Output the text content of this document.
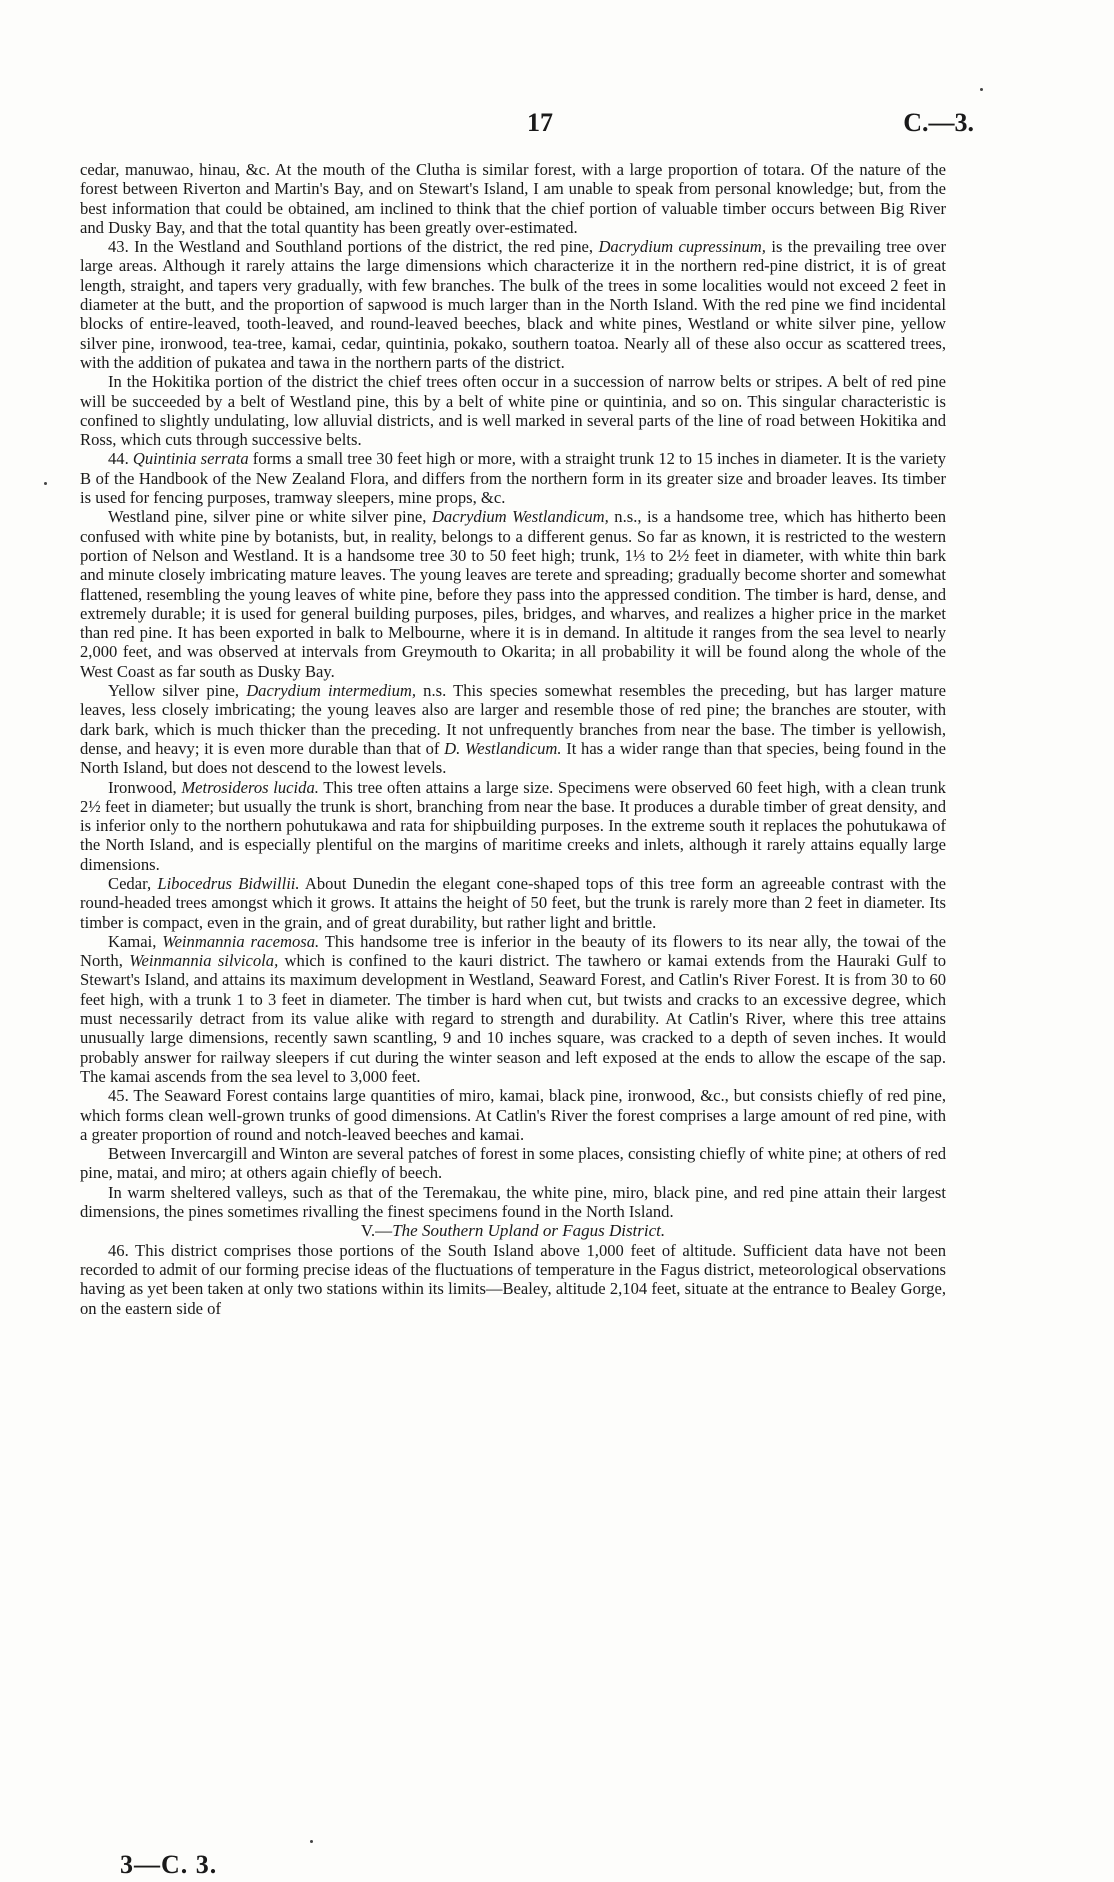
17	C.—3.

cedar, manuwao, hinau, &c. At the mouth of the Clutha is similar forest, with a large proportion of totara. Of the nature of the forest between Riverton and Martin's Bay, and on Stewart's Island, I am unable to speak from personal knowledge; but, from the best information that could be obtained, am inclined to think that the chief portion of valuable timber occurs between Big River and Dusky Bay, and that the total quantity has been greatly over-estimated.

43. In the Westland and Southland portions of the district, the red pine, Dacrydium cupressinum, is the prevailing tree over large areas. Although it rarely attains the large dimensions which characterize it in the northern red-pine district, it is of great length, straight, and tapers very gradually, with few branches. The bulk of the trees in some localities would not exceed 2 feet in diameter at the butt, and the proportion of sapwood is much larger than in the North Island. With the red pine we find incidental blocks of entire-leaved, tooth-leaved, and round-leaved beeches, black and white pines, Westland or white silver pine, yellow silver pine, ironwood, tea-tree, kamai, cedar, quintinia, pokako, southern toatoa. Nearly all of these also occur as scattered trees, with the addition of pukatea and tawa in the northern parts of the district.

In the Hokitika portion of the district the chief trees often occur in a succession of narrow belts or stripes. A belt of red pine will be succeeded by a belt of Westland pine, this by a belt of white pine or quintinia, and so on. This singular characteristic is confined to slightly undulating, low alluvial districts, and is well marked in several parts of the line of road between Hokitika and Ross, which cuts through successive belts.

44. Quintinia serrata forms a small tree 30 feet high or more, with a straight trunk 12 to 15 inches in diameter. It is the variety B of the Handbook of the New Zealand Flora, and differs from the northern form in its greater size and broader leaves. Its timber is used for fencing purposes, tramway sleepers, mine props, &c.

Westland pine, silver pine or white silver pine, Dacrydium Westlandicum, n.s., is a handsome tree, which has hitherto been confused with white pine by botanists, but, in reality, belongs to a different genus. So far as known, it is restricted to the western portion of Nelson and Westland. It is a handsome tree 30 to 50 feet high; trunk, 1⅓ to 2½ feet in diameter, with white thin bark and minute closely imbricating mature leaves. The young leaves are terete and spreading; gradually become shorter and somewhat flattened, resembling the young leaves of white pine, before they pass into the appressed condition. The timber is hard, dense, and extremely durable; it is used for general building purposes, piles, bridges, and wharves, and realizes a higher price in the market than red pine. It has been exported in balk to Melbourne, where it is in demand. In altitude it ranges from the sea level to nearly 2,000 feet, and was observed at intervals from Greymouth to Okarita; in all probability it will be found along the whole of the West Coast as far south as Dusky Bay.

Yellow silver pine, Dacrydium intermedium, n.s. This species somewhat resembles the preceding, but has larger mature leaves, less closely imbricating; the young leaves also are larger and resemble those of red pine; the branches are stouter, with dark bark, which is much thicker than the preceding. It not unfrequently branches from near the base. The timber is yellowish, dense, and heavy; it is even more durable than that of D. Westlandicum. It has a wider range than that species, being found in the North Island, but does not descend to the lowest levels.

Ironwood, Metrosideros lucida. This tree often attains a large size. Specimens were observed 60 feet high, with a clean trunk 2½ feet in diameter; but usually the trunk is short, branching from near the base. It produces a durable timber of great density, and is inferior only to the northern pohutukawa and rata for shipbuilding purposes. In the extreme south it replaces the pohutukawa of the North Island, and is especially plentiful on the margins of maritime creeks and inlets, although it rarely attains equally large dimensions.

Cedar, Libocedrus Bidwillii. About Dunedin the elegant cone-shaped tops of this tree form an agreeable contrast with the round-headed trees amongst which it grows. It attains the height of 50 feet, but the trunk is rarely more than 2 feet in diameter. Its timber is compact, even in the grain, and of great durability, but rather light and brittle.

Kamai, Weinmannia racemosa. This handsome tree is inferior in the beauty of its flowers to its near ally, the towai of the North, Weinmannia silvicola, which is confined to the kauri district. The tawhero or kamai extends from the Hauraki Gulf to Stewart's Island, and attains its maximum development in Westland, Seaward Forest, and Catlin's River Forest. It is from 30 to 60 feet high, with a trunk 1 to 3 feet in diameter. The timber is hard when cut, but twists and cracks to an excessive degree, which must necessarily detract from its value alike with regard to strength and durability. At Catlin's River, where this tree attains unusually large dimensions, recently sawn scantling, 9 and 10 inches square, was cracked to a depth of seven inches. It would probably answer for railway sleepers if cut during the winter season and left exposed at the ends to allow the escape of the sap. The kamai ascends from the sea level to 3,000 feet.

45. The Seaward Forest contains large quantities of miro, kamai, black pine, ironwood, &c., but consists chiefly of red pine, which forms clean well-grown trunks of good dimensions. At Catlin's River the forest comprises a large amount of red pine, with a greater proportion of round and notch-leaved beeches and kamai.

Between Invercargill and Winton are several patches of forest in some places, consisting chiefly of white pine; at others of red pine, matai, and miro; at others again chiefly of beech.

In warm sheltered valleys, such as that of the Teremakau, the white pine, miro, black pine, and red pine attain their largest dimensions, the pines sometimes rivalling the finest specimens found in the North Island.

V.—The Southern Upland or Fagus District.

46. This district comprises those portions of the South Island above 1,000 feet of altitude. Sufficient data have not been recorded to admit of our forming precise ideas of the fluctuations of temperature in the Fagus district, meteorological observations having as yet been taken at only two stations within its limits—Bealey, altitude 2,104 feet, situate at the entrance to Bealey Gorge, on the eastern side of

3—C. 3.
